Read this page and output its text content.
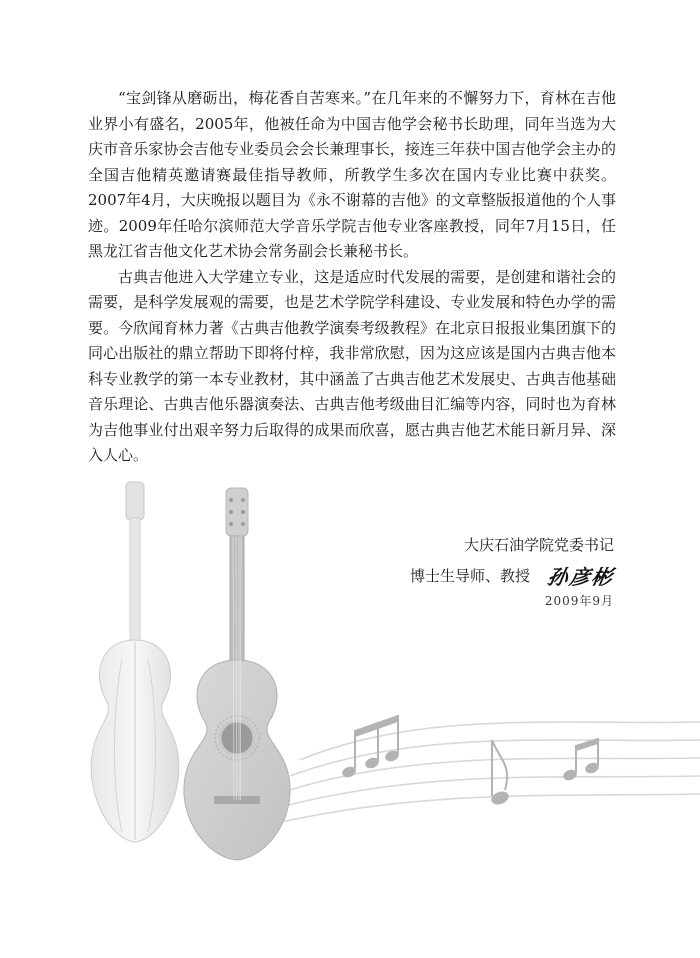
“宝剑锋从磨砺出，梅花香自苦寒来。”在几年来的不懈努力下，育林在吉他业界小有盛名，2005年，他被任命为中国吉他学会秘书长助理，同年当选为大庆市音乐家协会吉他专业委员会会长兼理事长，接连三年获中国吉他学会主办的全国吉他精英邀请赛最佳指导教师，所教学生多次在国内专业比赛中获奖。2007年4月，大庆晚报以题目为《永不谢幕的吉他》的文章整版报道他的个人事迹。2009年任哈尔滨师范大学音乐学院吉他专业客座教授，同年7月15日，任黑龙江省吉他文化艺术协会常务副会长兼秘书长。

古典吉他进入大学建立专业，这是适应时代发展的需要，是创建和谐社会的需要，是科学发展观的需要，也是艺术学院学科建设、专业发展和特色办学的需要。今欣闻育林力著《古典吉他教学演奏考级教程》在北京日报报业集团旗下的同心出版社的鼎立帮助下即将付梓，我非常欣慰，因为这应该是国内古典吉他本科专业教学的第一本专业教材，其中涵盖了古典吉他艺术发展史、古典吉他基础音乐理论、古典吉他乐器演奏法、古典吉他考级曲目汇编等内容，同时也为育林为吉他事业付出艰辛努力后取得的成果而欣喜，愿古典吉他艺术能日新月异、深入人心。

大庆石油学院党委书记
博士生导师、教授 孙彦彬
2009年9月
